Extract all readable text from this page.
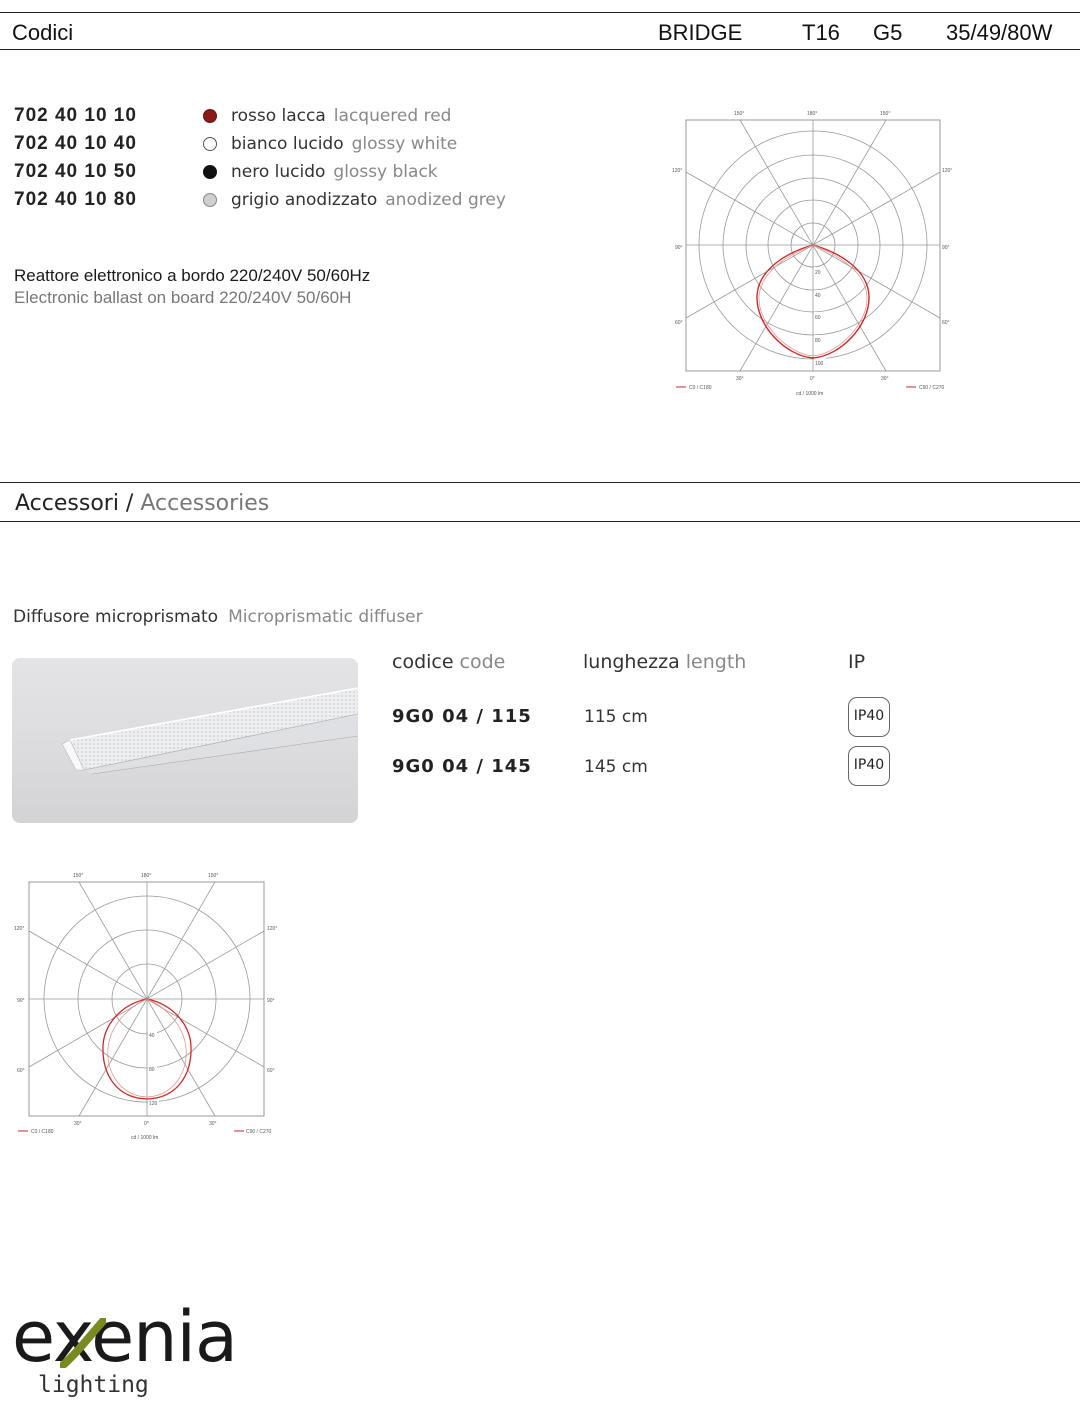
Codici	BRIDGE	T16 G5 35/49/80W
702 40 10 10	rosso lacca lacquered red
702 40 10 40	bianco lucido glossy white
702 40 10 50	nero lucido glossy black
702 40 10 80	grigio anodizzato anodized grey
Reattore elettronico a bordo 220/240V 50/60Hz
Electronic ballast on board 220/240V 50/60H
20
40
60
80
100
150°	180°	150°
120°	120°
90°	90°
60°	60°
30°	0°	30°
C0 / C180	C90 / C270
cd / 1000 lm
Accessori / Accessories
Diffusore microprismato Microprismatic diffuser
codice code	lunghezza length	IP
9G0 04 / 115	115 cm	IP40
9G0 04 / 145	145 cm	IP40
40
80
120
150°	180°	150°
120°	120°
90°	90°
60°	60°
30°	0°	30°
C0 / C180	C90 / C270
cd / 1000 lm
exenia
lighting
